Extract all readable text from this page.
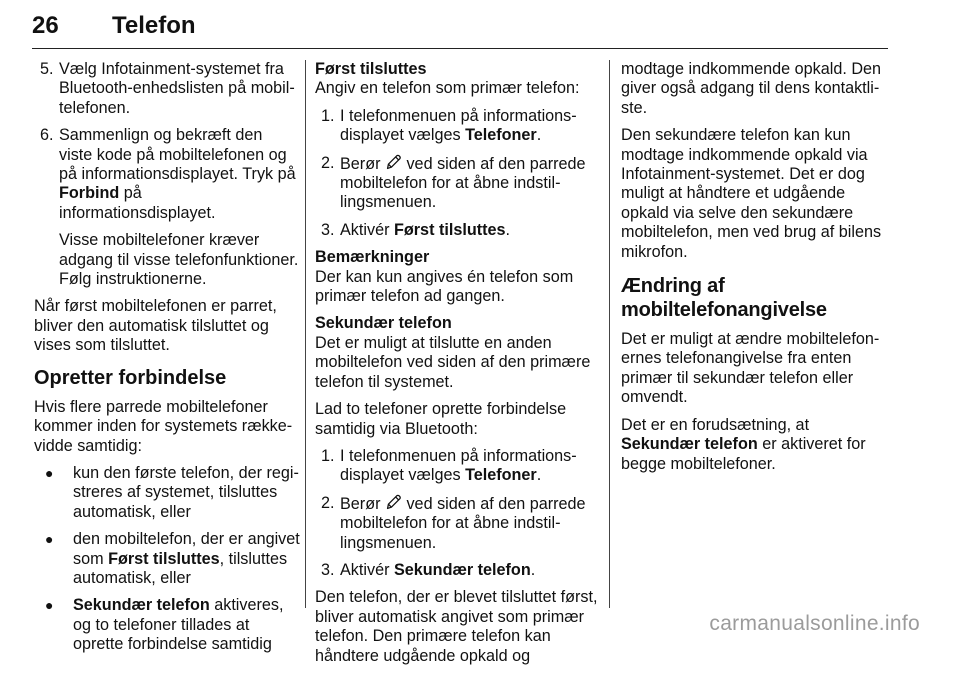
26 Telefon
5. Vælg Infotainment-systemet fra Bluetooth-enhedslisten på mobiltelefonen.
6. Sammenlign og bekræft den viste kode på mobiltelefonen og på informationsdisplayet. Tryk på Forbind på informationsdisplayet.
Visse mobiltelefoner kræver adgang til visse telefonfunktioner. Følg instruktionerne.

Når først mobiltelefonen er parret, bliver den automatisk tilsluttet og vises som tilsluttet.

Opretter forbindelse

Hvis flere parrede mobiltelefoner kommer inden for systemets rækkevidde samtidig:

● kun den første telefon, der registreres af systemet, tilsluttes automatisk, eller
● den mobiltelefon, der er angivet som Først tilsluttes, tilsluttes automatisk, eller
● Sekundær telefon aktiveres, og to telefoner tillades at oprette forbindelse samtidig
Først tilsluttes

Angiv en telefon som primær telefon:

1. I telefonmenuen på informationsdisplayet vælges Telefoner.
2. Berør  ved siden af den parrede mobiltelefon for at åbne indstillingsmenuen.
3. Aktivér Først tilsluttes.
Bemærkninger

Der kan kun angives én telefon som primær telefon ad gangen.

Sekundær telefon

Det er muligt at tilslutte en anden mobiltelefon ved siden af den primære telefon til systemet.

Lad to telefoner oprette forbindelse samtidig via Bluetooth:

1. I telefonmenuen på informationsdisplayet vælges Telefoner.
2. Berør  ved siden af den parrede mobiltelefon for at åbne indstillingsmenuen.
3. Aktivér Sekundær telefon.

Den telefon, der er blevet tilsluttet først, bliver automatisk angivet som primær telefon. Den primære telefon kan håndtere udgående opkald og

modtage indkommende opkald. Den giver også adgang til dens kontaktliste.

Den sekundære telefon kan kun modtage indkommende opkald via Infotainment-systemet. Det er dog muligt at håndtere et udgående opkald via selve den sekundære mobiltelefon, men ved brug af bilens mikrofon.

Ændring af mobiltelefonangivelse

Det er muligt at ændre mobiltelefonernes telefonangivelse fra enten primær til sekundær telefon eller omvendt.

Det er en forudsætning, at Sekundær telefon er aktiveret for begge mobiltelefoner.

carmanualsonline.info
